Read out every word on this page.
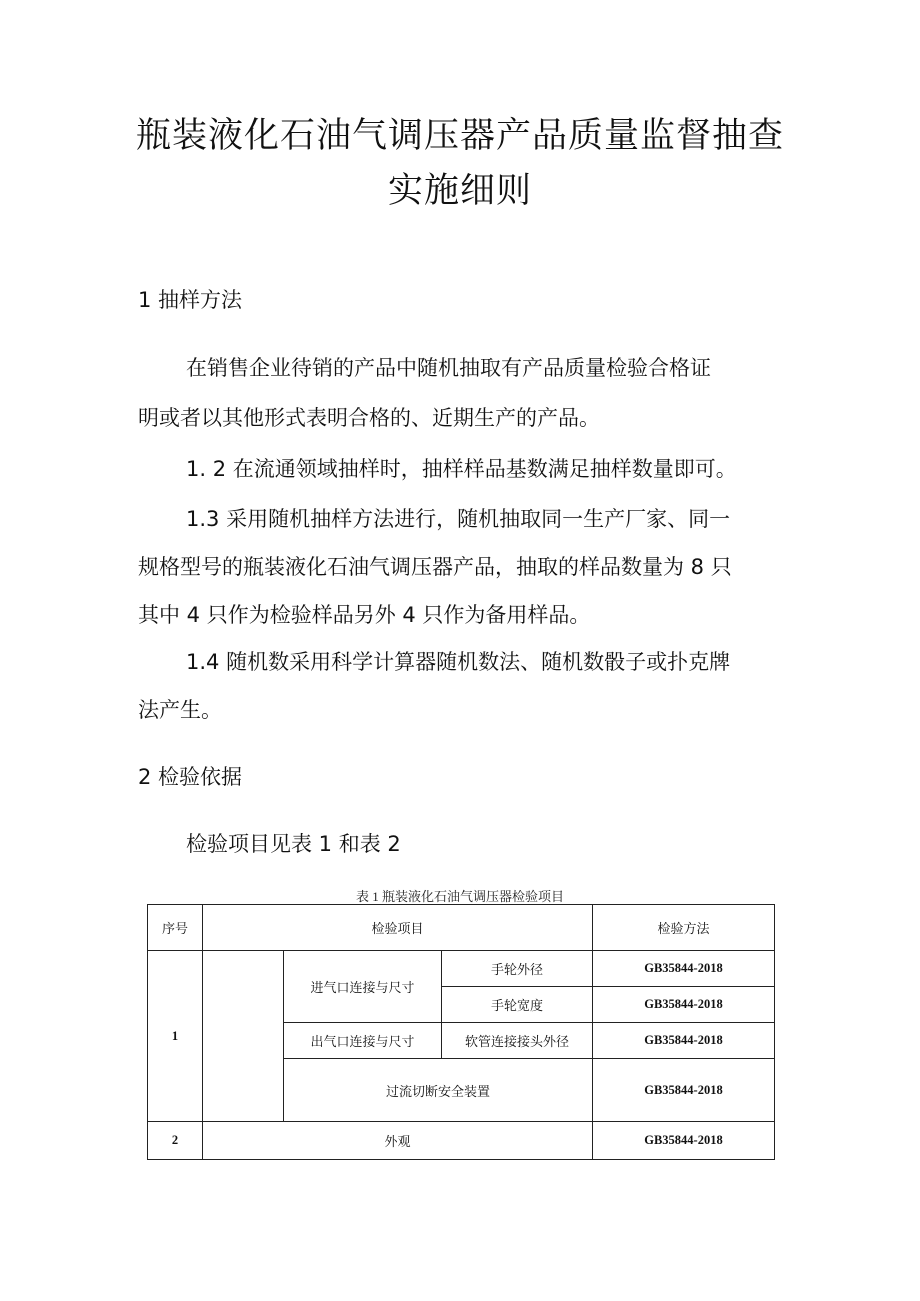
瓶装液化石油气调压器产品质量监督抽查
实施细则
1 抽样方法
在销售企业待销的产品中随机抽取有产品质量检验合格证
明或者以其他形式表明合格的、近期生产的产品。
1. 2 在流通领域抽样时，抽样样品基数满足抽样数量即可。
1.3 采用随机抽样方法进行，随机抽取同一生产厂家、同一
规格型号的瓶装液化石油气调压器产品，抽取的样品数量为 8 只
其中 4 只作为检验样品另外 4 只作为备用样品。
1.4 随机数采用科学计算器随机数法、随机数骰子或扑克牌
法产生。
2 检验依据
检验项目见表 1 和表 2
表 1 瓶装液化石油气调压器检验项目
序号	检验项目			检验方法
1		进气口连接与尺寸	手轮外径	GB35844-2018
			手轮宽度	GB35844-2018
		出气口连接与尺寸	软管连接接头外径	GB35844-2018
		过流切断安全装置		GB35844-2018
2	外观			GB35844-2018
